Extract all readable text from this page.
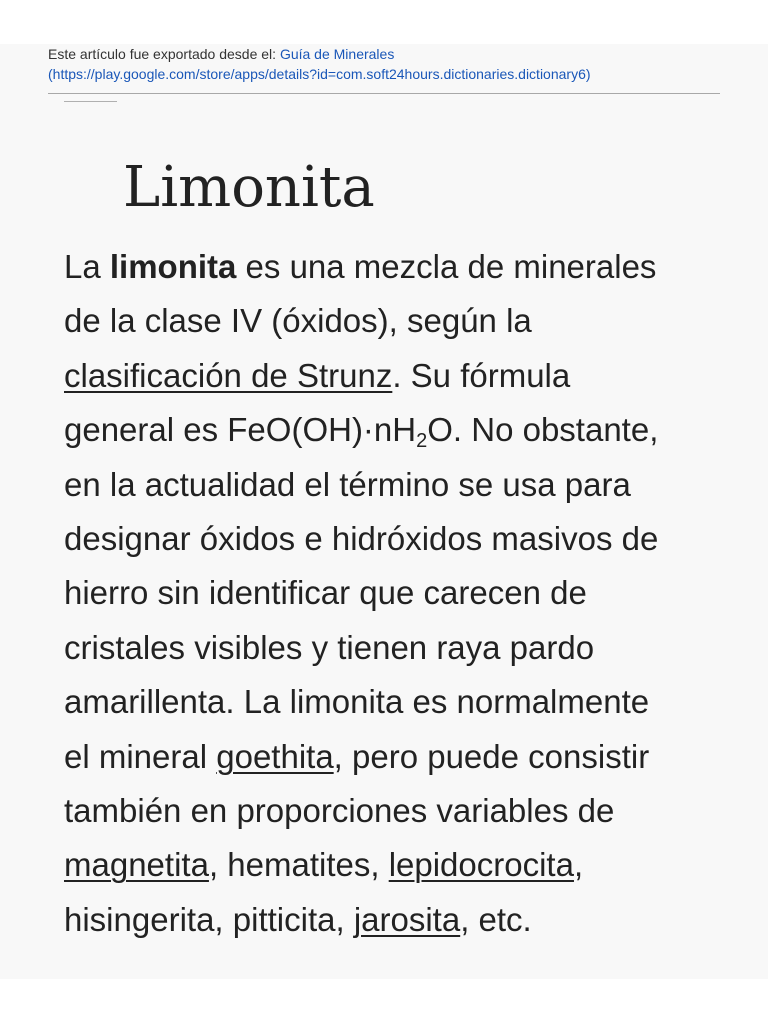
Este artículo fue exportado desde el: Guía de Minerales
(https://play.google.com/store/apps/details?id=com.soft24hours.dictionaries.dictionary6)
Limonita
La limonita es una mezcla de minerales
de la clase IV (óxidos), según la
clasificación de Strunz. Su fórmula
general es $FeO(OH)\cdot nH_2O$. No obstante,
en la actualidad el término se usa para
designar óxidos e hidróxidos masivos de
hierro sin identificar que carecen de
cristales visibles y tienen raya pardo
amarillenta. La limonita es normalmente
el mineral goethita, pero puede consistir
también en proporciones variables de
magnetita, hematites, lepidocrocita,
hisingerita, pitticita, jarosita, etc.
